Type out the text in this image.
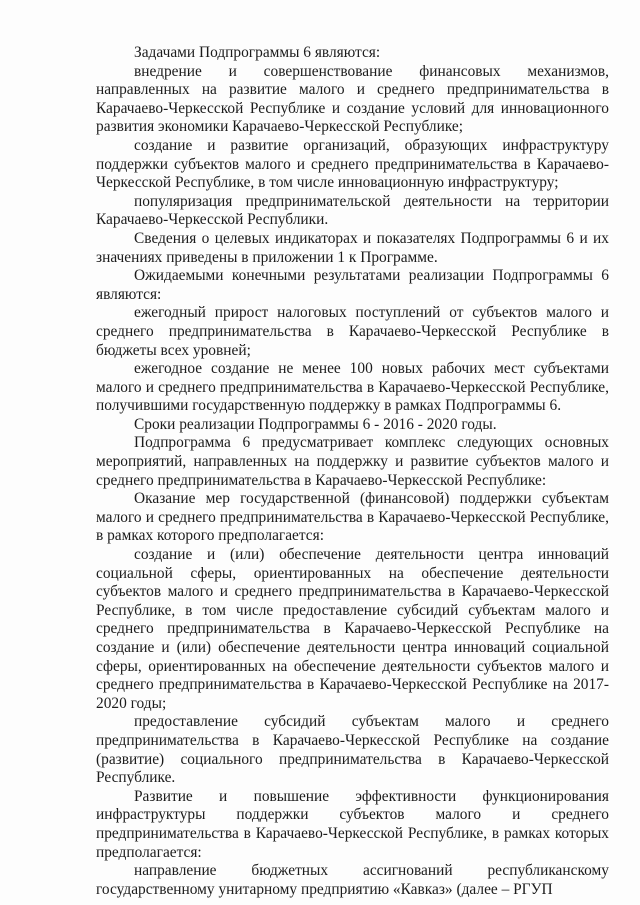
Задачами Подпрограммы 6 являются:

внедрение и совершенствование финансовых механизмов, направленных на развитие малого и среднего предпринимательства в Карачаево-Черкесской Республике и создание условий для инновационного развития экономики Карачаево-Черкесской Республике;

создание и развитие организаций, образующих инфраструктуру поддержки субъектов малого и среднего предпринимательства в Карачаево-Черкесской Республике, в том числе инновационную инфраструктуру;

популяризация предпринимательской деятельности на территории Карачаево-Черкесской Республики.

Сведения о целевых индикаторах и показателях Подпрограммы 6 и их значениях приведены в приложении 1 к Программе.

Ожидаемыми конечными результатами реализации Подпрограммы 6 являются:

ежегодный прирост налоговых поступлений от субъектов малого и среднего предпринимательства в Карачаево-Черкесской Республике в бюджеты всех уровней;

ежегодное создание не менее 100 новых рабочих мест субъектами малого и среднего предпринимательства в Карачаево-Черкесской Республике, получившими государственную поддержку в рамках Подпрограммы 6.

Сроки реализации Подпрограммы 6 - 2016 - 2020 годы.

Подпрограмма 6 предусматривает комплекс следующих основных мероприятий, направленных на поддержку и развитие субъектов малого и среднего предпринимательства в Карачаево-Черкесской Республике:

Оказание мер государственной (финансовой) поддержки субъектам малого и среднего предпринимательства в Карачаево-Черкесской Республике, в рамках которого предполагается:

создание и (или) обеспечение деятельности центра инноваций социальной сферы, ориентированных на обеспечение деятельности субъектов малого и среднего предпринимательства в Карачаево-Черкесской Республике, в том числе предоставление субсидий субъектам малого и среднего предпринимательства в Карачаево-Черкесской Республике на создание и (или) обеспечение деятельности центра инноваций социальной сферы, ориентированных на обеспечение деятельности субъектов малого и среднего предпринимательства в Карачаево-Черкесской Республике на 2017-2020 годы;

предоставление субсидий субъектам малого и среднего предпринимательства в Карачаево-Черкесской Республике на создание (развитие) социального предпринимательства в Карачаево-Черкесской Республике.

Развитие и повышение эффективности функционирования инфраструктуры поддержки субъектов малого и среднего предпринимательства в Карачаево-Черкесской Республике, в рамках которых предполагается:

направление бюджетных ассигнований республиканскому государственному унитарному предприятию «Кавказ» (далее – РГУП
